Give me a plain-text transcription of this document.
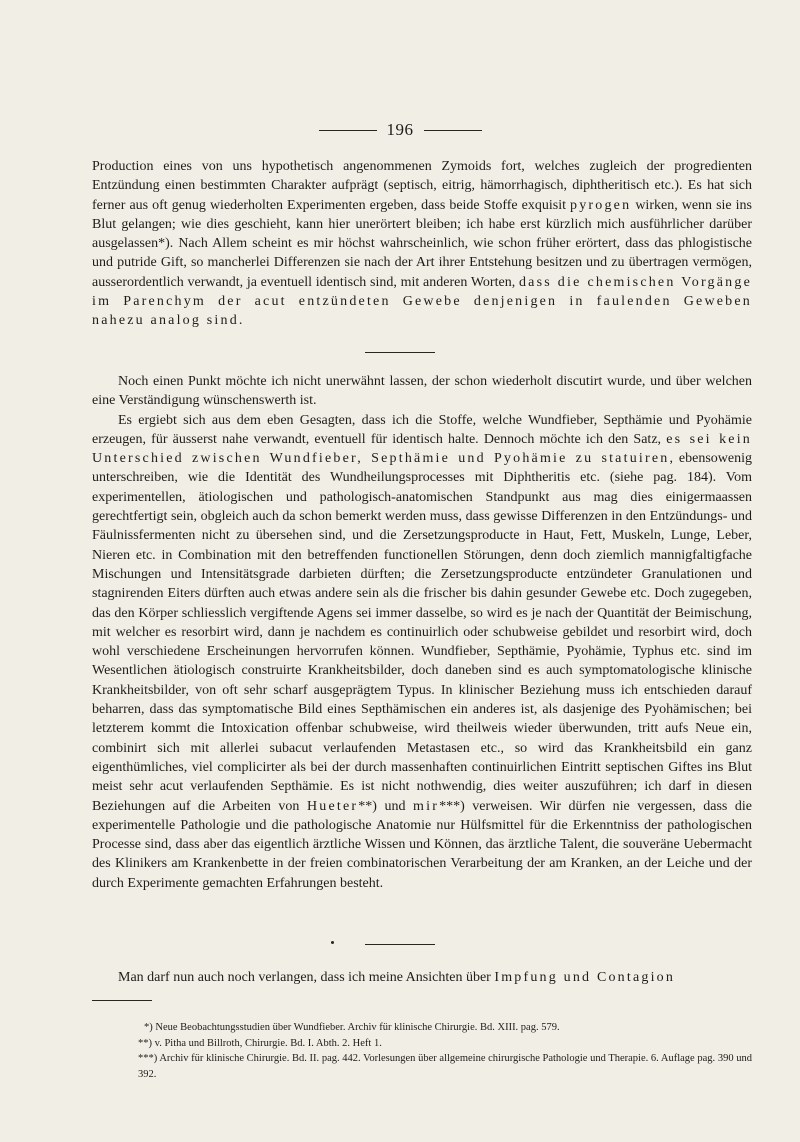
196

Production eines von uns hypothetisch angenommenen Zymoids fort, welches zugleich der progredienten Entzündung einen bestimmten Charakter aufprägt (septisch, eitrig, hämorrhagisch, diphtheritisch etc.). Es hat sich ferner aus oft genug wiederholten Experimenten ergeben, dass beide Stoffe exquisit pyrogen wirken, wenn sie ins Blut gelangen; wie dies geschieht, kann hier unerörtert bleiben; ich habe erst kürzlich mich ausführlicher darüber ausgelassen*). Nach Allem scheint es mir höchst wahrscheinlich, wie schon früher erörtert, dass das phlogistische und putride Gift, so mancherlei Differenzen sie nach der Art ihrer Entstehung besitzen und zu übertragen vermögen, ausserordentlich verwandt, ja eventuell identisch sind, mit anderen Worten, dass die chemischen Vorgänge im Parenchym der acut entzündeten Gewebe denjenigen in faulenden Geweben nahezu analog sind.

Noch einen Punkt möchte ich nicht unerwähnt lassen, der schon wiederholt discutirt wurde, und über welchen eine Verständigung wünschenswerth ist.

Es ergiebt sich aus dem eben Gesagten, dass ich die Stoffe, welche Wundfieber, Septhämie und Pyohämie erzeugen, für äusserst nahe verwandt, eventuell für identisch halte. Dennoch möchte ich den Satz, es sei kein Unterschied zwischen Wundfieber, Septhämie und Pyohämie zu statuiren, ebensowenig unterschreiben, wie die Identität des Wundheilungsprocesses mit Diphtheritis etc. (siehe pag. 184). Vom experimentellen, ätiologischen und pathologisch-anatomischen Standpunkt aus mag dies einigermaassen gerechtfertigt sein, obgleich auch da schon bemerkt werden muss, dass gewisse Differenzen in den Entzündungs- und Fäulnissfermenten nicht zu übersehen sind, und die Zersetzungsproducte in Haut, Fett, Muskeln, Lunge, Leber, Nieren etc. in Combination mit den betreffenden functionellen Störungen, denn doch ziemlich mannigfaltigfache Mischungen und Intensitätsgrade darbieten dürften; die Zersetzungsproducte entzündeter Granulationen und stagnirenden Eiters dürften auch etwas andere sein als die frischer bis dahin gesunder Gewebe etc. Doch zugegeben, das den Körper schliesslich vergiftende Agens sei immer dasselbe, so wird es je nach der Quantität der Beimischung, mit welcher es resorbirt wird, dann je nachdem es continuirlich oder schubweise gebildet und resorbirt wird, doch wohl verschiedene Erscheinungen hervorrufen können. Wundfieber, Septhämie, Pyohämie, Typhus etc. sind im Wesentlichen ätiologisch construirte Krankheitsbilder, doch daneben sind es auch symptomatologische klinische Krankheitsbilder, von oft sehr scharf ausgeprägtem Typus. In klinischer Beziehung muss ich entschieden darauf beharren, dass das symptomatische Bild eines Septhämischen ein anderes ist, als dasjenige des Pyohämischen; bei letzterem kommt die Intoxication offenbar schubweise, wird theilweis wieder überwunden, tritt aufs Neue ein, combinirt sich mit allerlei subacut verlaufenden Metastasen etc., so wird das Krankheitsbild ein ganz eigenthümliches, viel complicirter als bei der durch massenhaften continuirlichen Eintritt septischen Giftes ins Blut meist sehr acut verlaufenden Septhämie. Es ist nicht nothwendig, dies weiter auszuführen; ich darf in diesen Beziehungen auf die Arbeiten von Hueter**) und mir***) verweisen. Wir dürfen nie vergessen, dass die experimentelle Pathologie und die pathologische Anatomie nur Hülfsmittel für die Erkenntniss der pathologischen Processe sind, dass aber das eigentlich ärztliche Wissen und Können, das ärztliche Talent, die souveräne Uebermacht des Klinikers am Krankenbette in der freien combinatorischen Verarbeitung der am Kranken, an der Leiche und der durch Experimente gemachten Erfahrungen besteht.

Man darf nun auch noch verlangen, dass ich meine Ansichten über Impfung und Contagion

*) Neue Beobachtungsstudien über Wundfieber. Archiv für klinische Chirurgie. Bd. XIII. pag. 579.

**) v. Pitha und Billroth, Chirurgie. Bd. I. Abth. 2. Heft 1.

***) Archiv für klinische Chirurgie. Bd. II. pag. 442. Vorlesungen über allgemeine chirurgische Pathologie und Therapie. 6. Auflage pag. 390 und 392.
